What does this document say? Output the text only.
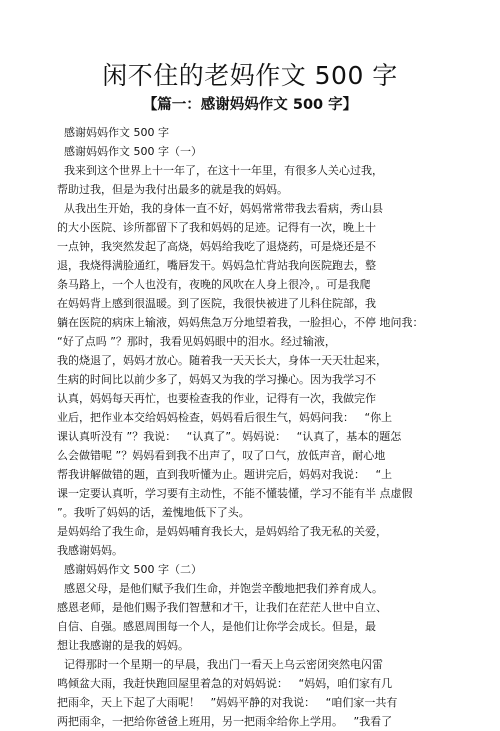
闲不住的老妈作文 500 字
【篇一：感谢妈妈作文 500 字】

感谢妈妈作文 500 字

感谢妈妈作文 500 字（一）

我来到这个世界上十一年了，在这十一年里，有很多人关心过我，

帮助过我，但是为我付出最多的就是我的妈妈。

从我出生开始，我的身体一直不好，妈妈常常带我去看病，秀山县

的大小医院、诊所都留下了我和妈妈的足迹。记得有一次，晚上十

一点钟，我突然发起了高烧，妈妈给我吃了退烧药，可是烧还是不

退，我烧得满脸通红，嘴唇发干。妈妈急忙背站我向医院跑去，整

条马路上，一个人也没有，夜晚的风吹在人身上很冷，。可是我爬

在妈妈背上感到很温暖。到了医院，我很快被进了儿科住院部，我

躺在医院的病床上输液，妈妈焦急万分地望着我，一脸担心，不停 地问我：

“好了点吗 ”？那时，我看见妈妈眼中的泪水。经过输液，

我的烧退了，妈妈才放心。随着我一天天长大，身体一天天壮起来，

生病的时间比以前少多了，妈妈又为我的学习操心。因为我学习不

认真，妈妈每天再忙，也要检查我的作业，记得有一次，我做完作

业后，把作业本交给妈妈检查，妈妈看后很生气，妈妈问我：   “你上

课认真听没有 ”？我说：   “认真了”。妈妈说：   “认真了，基本的题怎

么会做错呢 ”？妈妈看到我不出声了，叹了口气，放低声音，耐心地

帮我讲解做错的题，直到我听懂为止。题讲完后，妈妈对我说：   “上

课一定要认真听，学习要有主动性，不能不懂装懂，学习不能有半 点虚假

”。我听了妈妈的话，羞愧地低下了头。

是妈妈给了我生命，是妈妈哺育我长大，是妈妈给了我无私的关爱，

我感谢妈妈。

感谢妈妈作文 500 字（二）

感恩父母，是他们赋予我们生命，并饱尝辛酸地把我们养育成人。

感恩老师，是他们赐予我们智慧和才干，让我们在茫茫人世中自立、

自信、自强。感恩周围每一个人，是他们让你学会成长。但是，最

想让我感谢的是我的妈妈。

记得那时一个星期一的早晨，我出门一看天上乌云密闭突然电闪雷

鸣倾盆大雨，我赶快跑回屋里着急的对妈妈说：   “妈妈，咱们家有几

把雨伞，天上下起了大雨呢！   ”妈妈平静的对我说：   “咱们家一共有

两把雨伞，一把给你爸爸上班用，另一把雨伞给你上学用。   ”我看了
